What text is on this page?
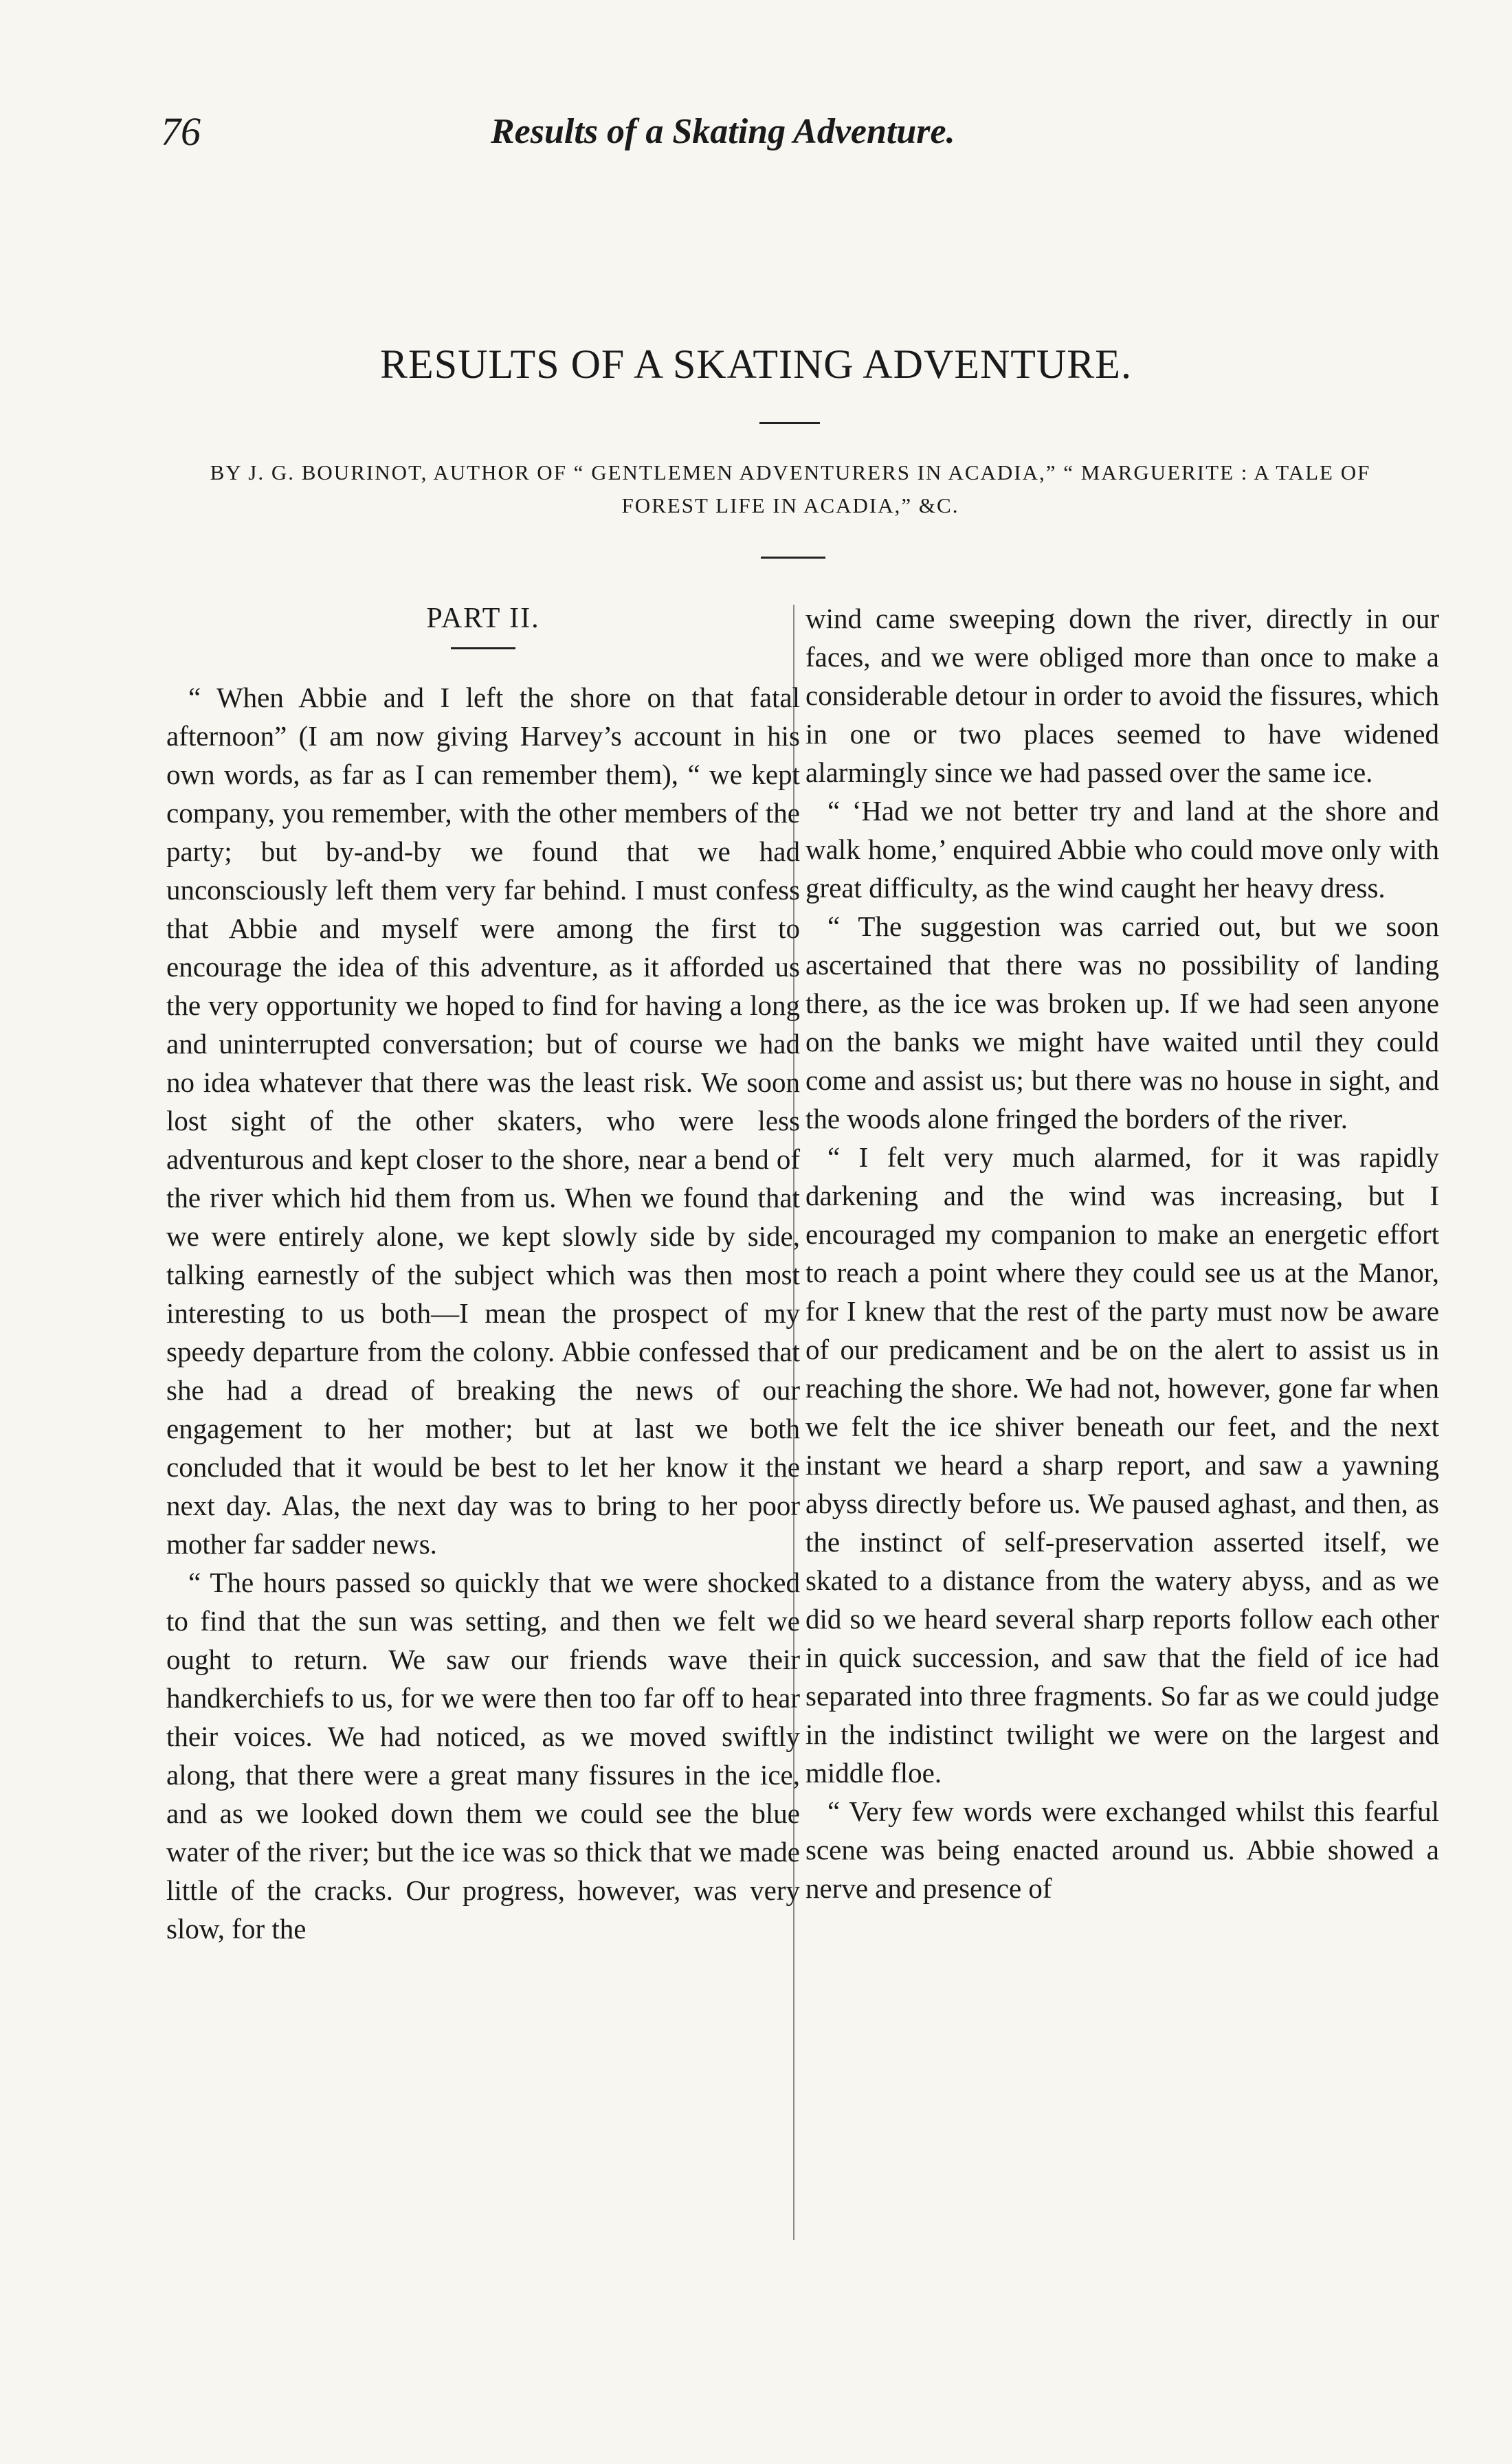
76	Results of a Skating Adventure.
RESULTS OF A SKATING ADVENTURE.
BY J. G. BOURINOT, AUTHOR OF “ GENTLEMEN ADVENTURERS IN ACADIA,” “ MARGUERITE : A TALE OF FOREST LIFE IN ACADIA,” &C.
PART II.

“ When Abbie and I left the shore on that fatal afternoon” (I am now giving Harvey’s account in his own words, as far as I can remember them), “ we kept company, you remember, with the other members of the party; but by-and-by we found that we had unconsciously left them very far behind. I must confess that Abbie and myself were among the first to encourage the idea of this adventure, as it afforded us the very opportunity we hoped to find for having a long and uninterrupted conversation; but of course we had no idea whatever that there was the least risk. We soon lost sight of the other skaters, who were less adventurous and kept closer to the shore, near a bend of the river which hid them from us. When we found that we were entirely alone, we kept slowly side by side, talking earnestly of the subject which was then most interesting to us both—I mean the prospect of my speedy departure from the colony. Abbie confessed that she had a dread of breaking the news of our engagement to her mother; but at last we both concluded that it would be best to let her know it the next day. Alas, the next day was to bring to her poor mother far sadder news.

“ The hours passed so quickly that we were shocked to find that the sun was setting, and then we felt we ought to return. We saw our friends wave their handkerchiefs to us, for we were then too far off to hear their voices. We had noticed, as we moved swiftly along, that there were a great many fissures in the ice, and as we looked down them we could see the blue water of the river; but the ice was so thick that we made little of the cracks. Our progress, however, was very slow, for the

wind came sweeping down the river, directly in our faces, and we were obliged more than once to make a considerable detour in order to avoid the fissures, which in one or two places seemed to have widened alarmingly since we had passed over the same ice.

“ ‘Had we not better try and land at the shore and walk home,’ enquired Abbie who could move only with great difficulty, as the wind caught her heavy dress.

“ The suggestion was carried out, but we soon ascertained that there was no possibility of landing there, as the ice was broken up. If we had seen anyone on the banks we might have waited until they could come and assist us; but there was no house in sight, and the woods alone fringed the borders of the river.

“ I felt very much alarmed, for it was rapidly darkening and the wind was increasing, but I encouraged my companion to make an energetic effort to reach a point where they could see us at the Manor, for I knew that the rest of the party must now be aware of our predicament and be on the alert to assist us in reaching the shore. We had not, however, gone far when we felt the ice shiver beneath our feet, and the next instant we heard a sharp report, and saw a yawning abyss directly before us. We paused aghast, and then, as the instinct of self-preservation asserted itself, we skated to a distance from the watery abyss, and as we did so we heard several sharp reports follow each other in quick succession, and saw that the field of ice had separated into three fragments. So far as we could judge in the indistinct twilight we were on the largest and middle floe.

“ Very few words were exchanged whilst this fearful scene was being enacted around us. Abbie showed a nerve and presence of
